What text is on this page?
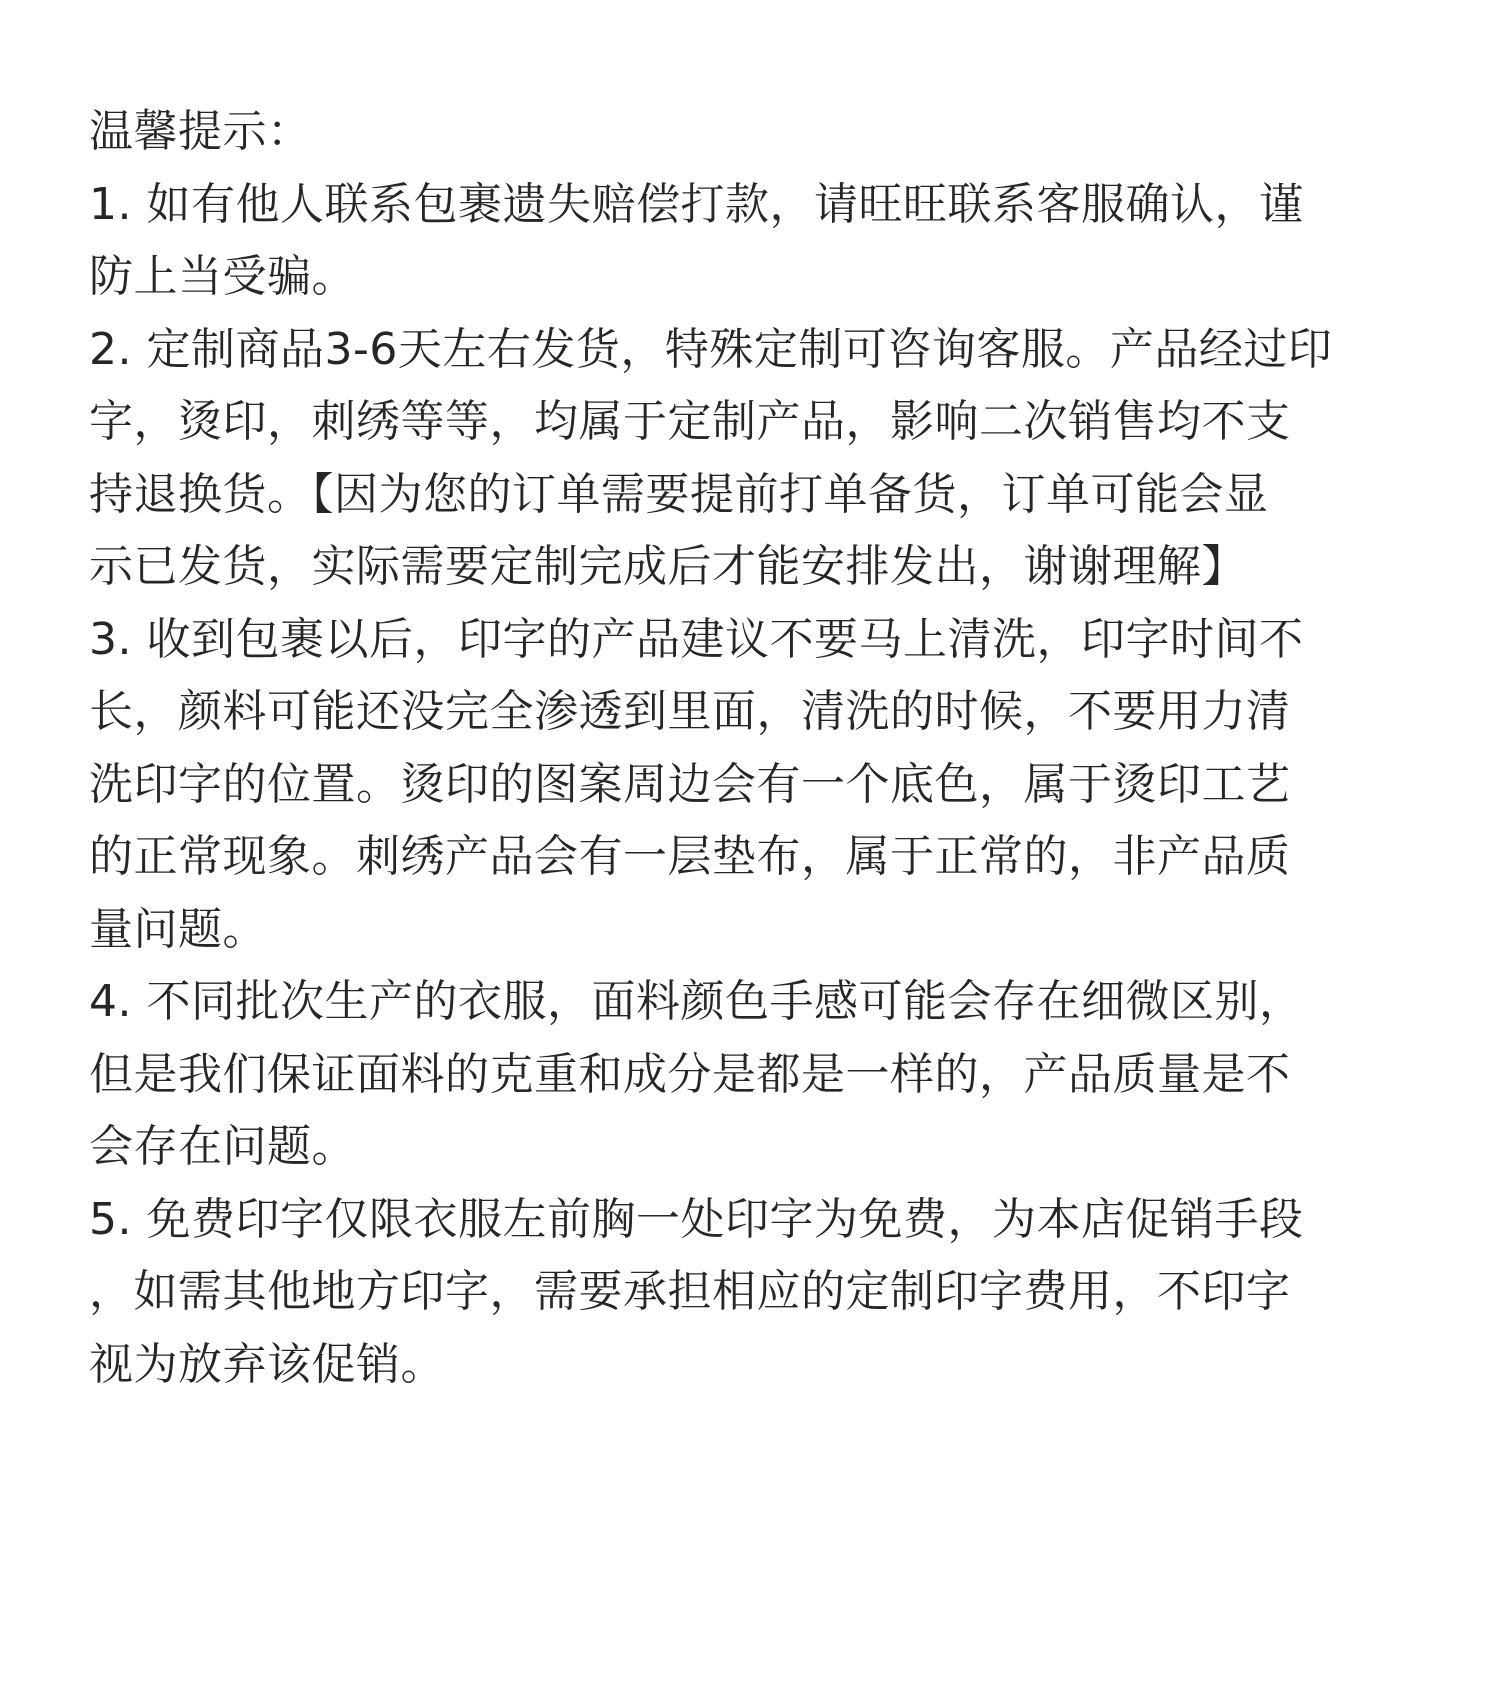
温馨提示：

1. 如有他人联系包裹遗失赔偿打款，请旺旺联系客服确认，谨

防上当受骗。

2. 定制商品3-6天左右发货，特殊定制可咨询客服。产品经过印

字，烫印，刺绣等等，均属于定制产品，影响二次销售均不支

持退换货。【因为您的订单需要提前打单备货，订单可能会显

示已发货，实际需要定制完成后才能安排发出，谢谢理解】

3. 收到包裹以后，印字的产品建议不要马上清洗，印字时间不

长，颜料可能还没完全渗透到里面，清洗的时候，不要用力清

洗印字的位置。烫印的图案周边会有一个底色，属于烫印工艺

的正常现象。刺绣产品会有一层垫布，属于正常的，非产品质

量问题。

4. 不同批次生产的衣服，面料颜色手感可能会存在细微区别，

但是我们保证面料的克重和成分是都是一样的，产品质量是不

会存在问题。

5. 免费印字仅限衣服左前胸一处印字为免费，为本店促销手段

，如需其他地方印字，需要承担相应的定制印字费用，不印字

视为放弃该促销。
